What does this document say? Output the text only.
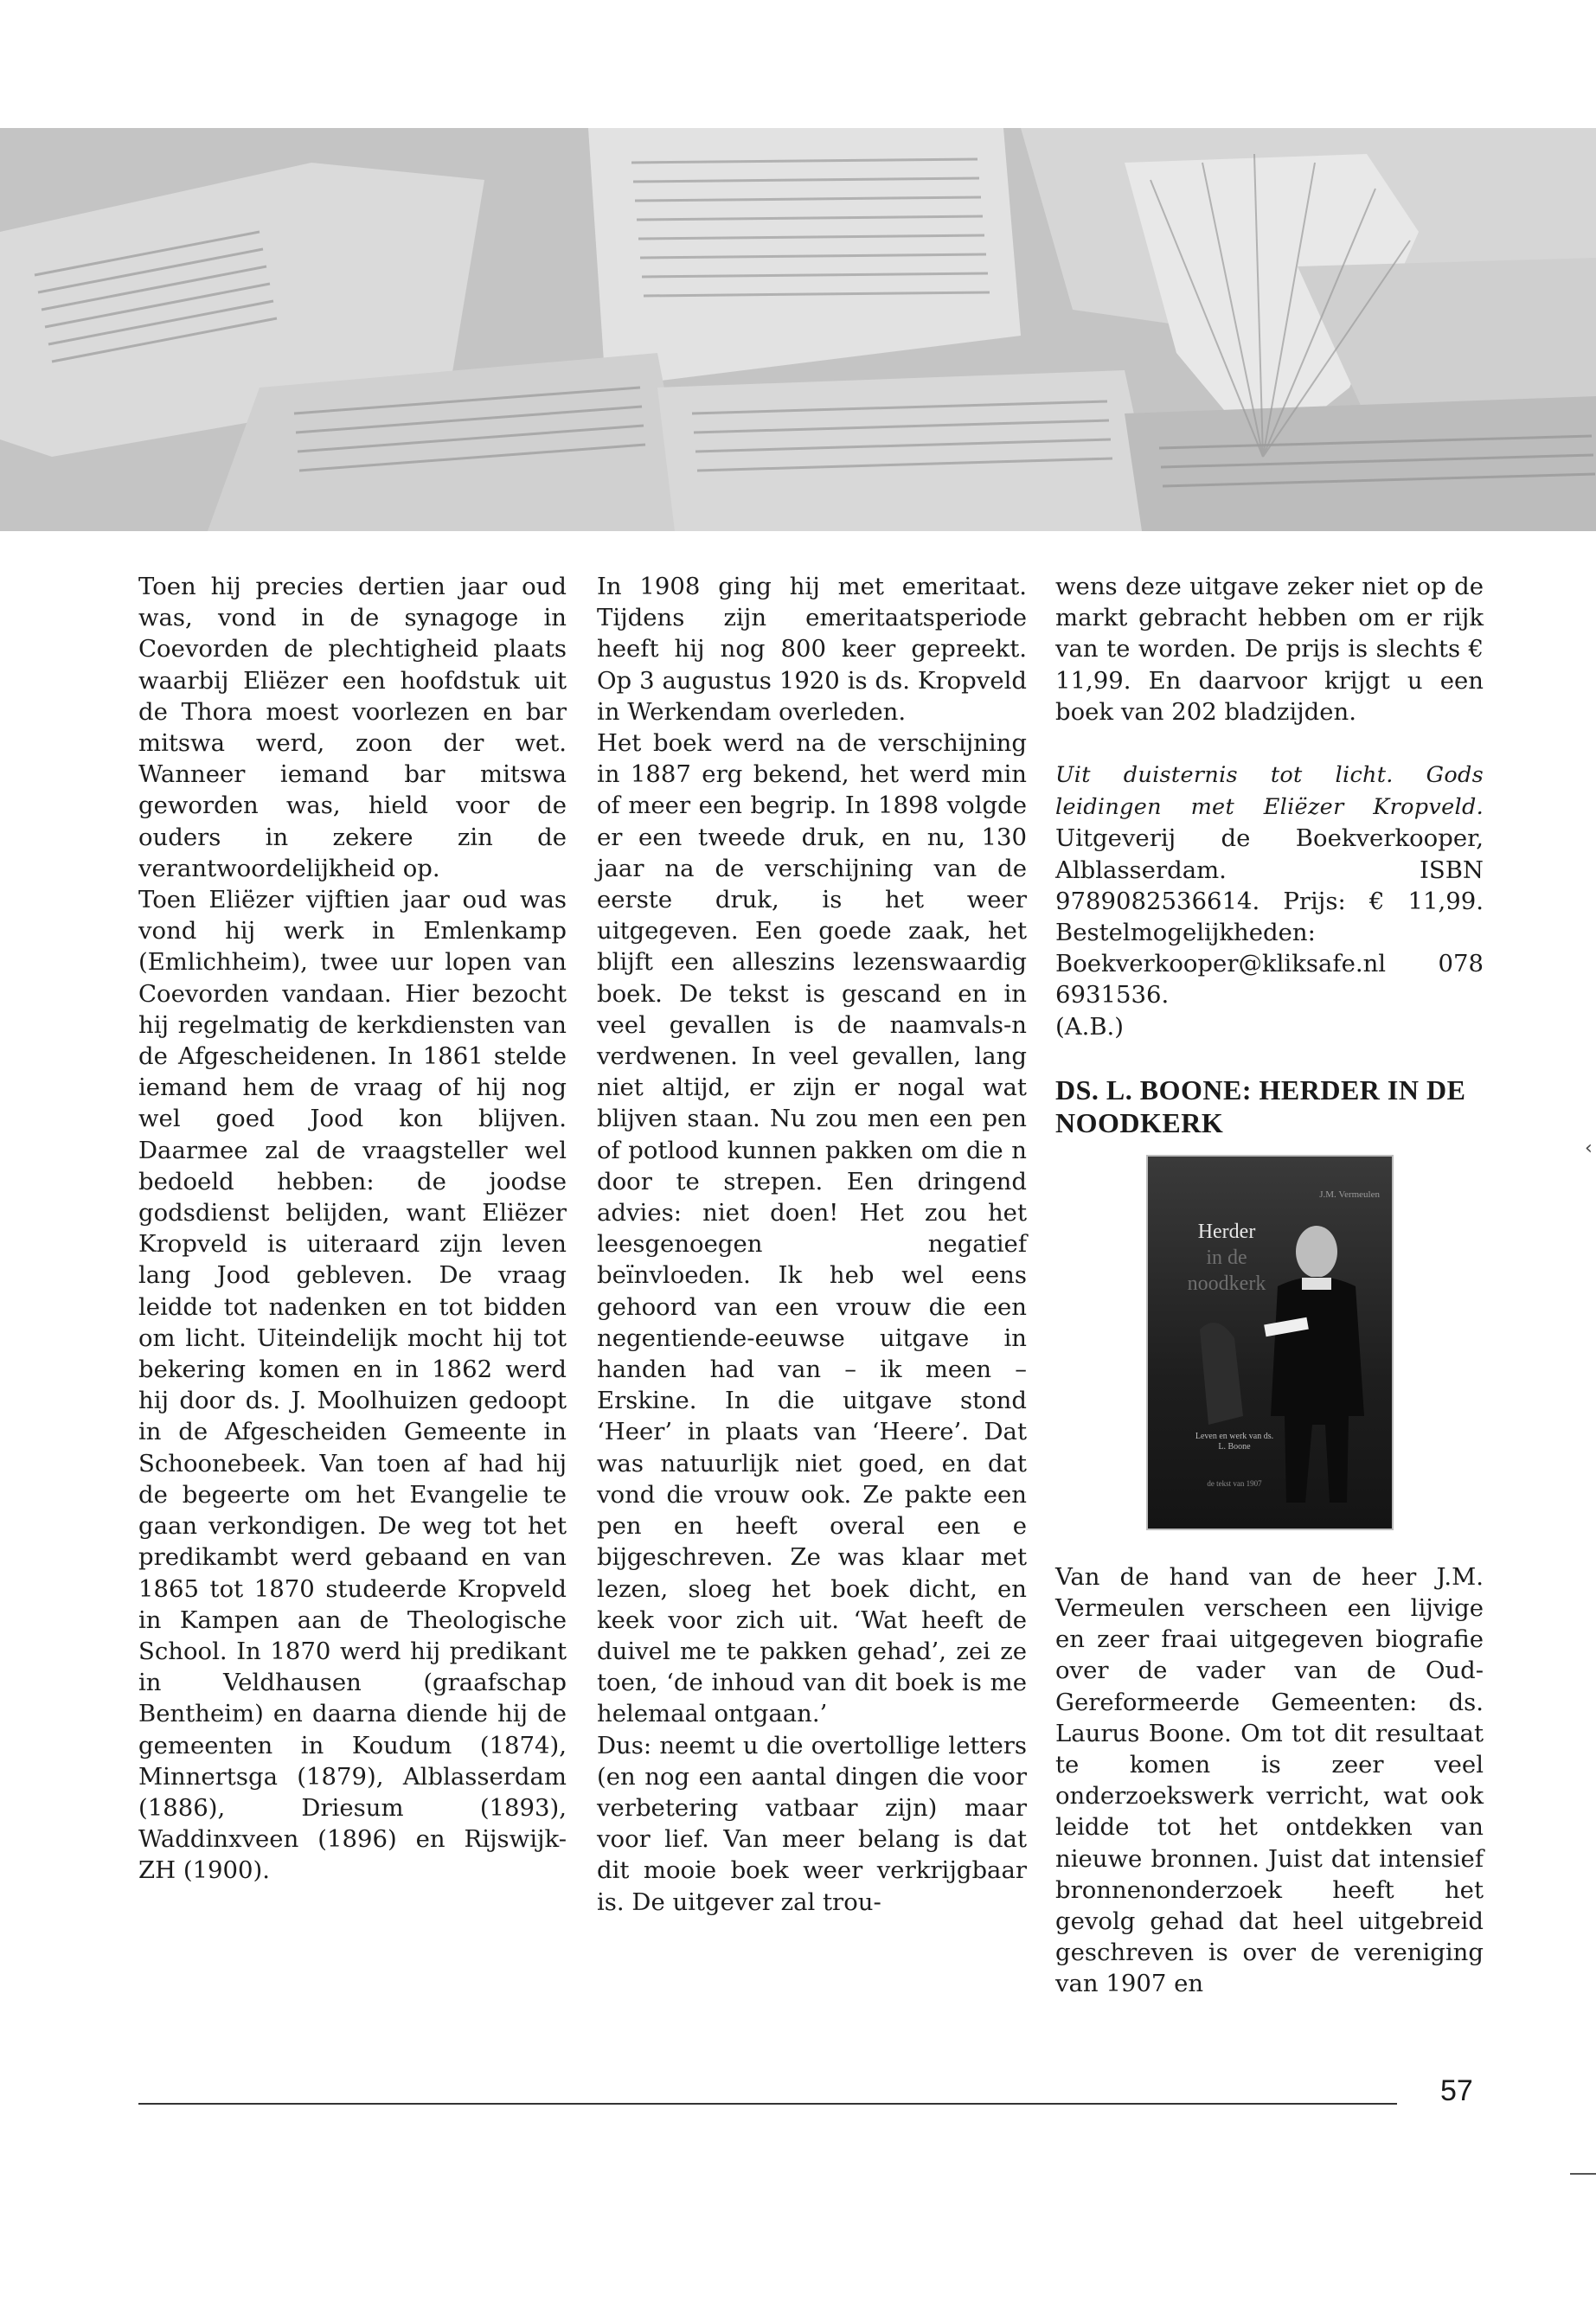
Toen hij precies dertien jaar oud was, vond in de synagoge in Coevorden de plechtigheid plaats waarbij Eliëzer een hoofdstuk uit de Thora moest voorlezen en bar mitswa werd, zoon der wet. Wanneer iemand bar mitswa geworden was, hield voor de ouders in zekere zin de verantwoordelijkheid op.

Toen Eliëzer vijftien jaar oud was vond hij werk in Emlenkamp (Emlichheim), twee uur lopen van Coevorden vandaan. Hier bezocht hij regelmatig de kerkdiensten van de Afgescheidenen. In 1861 stelde iemand hem de vraag of hij nog wel goed Jood kon blijven. Daarmee zal de vraagsteller wel bedoeld hebben: de joodse godsdienst belijden, want Eliëzer Kropveld is uiteraard zijn leven lang Jood gebleven. De vraag leidde tot nadenken en tot bidden om licht. Uiteindelijk mocht hij tot bekering komen en in 1862 werd hij door ds. J. Moolhuizen gedoopt in de Afgescheiden Gemeente in Schoonebeek. Van toen af had hij de begeerte om het Evangelie te gaan verkondigen. De weg tot het predikambt werd gebaand en van 1865 tot 1870 studeerde Kropveld in Kampen aan de Theologische School. In 1870 werd hij predikant in Veldhausen (graafschap Bentheim) en daarna diende hij de gemeenten in Koudum (1874), Minnertsga (1879), Alblasserdam (1886), Driesum (1893), Waddinxveen (1896) en Rijswijk-ZH (1900).

In 1908 ging hij met emeritaat. Tijdens zijn emeritaatsperiode heeft hij nog 800 keer gepreekt. Op 3 augustus 1920 is ds. Kropveld in Werkendam overleden.

Het boek werd na de verschijning in 1887 erg bekend, het werd min of meer een begrip. In 1898 volgde er een tweede druk, en nu, 130 jaar na de verschijning van de eerste druk, is het weer uitgegeven. Een goede zaak, het blijft een alleszins lezenswaardig boek. De tekst is gescand en in veel gevallen is de naamvals-n verdwenen. In veel gevallen, lang niet altijd, er zijn er nogal wat blijven staan. Nu zou men een pen of potlood kunnen pakken om die n door te strepen. Een dringend advies: niet doen! Het zou het leesgenoegen negatief beïnvloeden. Ik heb wel eens gehoord van een vrouw die een negentiende-eeuwse uitgave in handen had van – ik meen – Erskine. In die uitgave stond ‘Heer’ in plaats van ‘Heere’. Dat was natuurlijk niet goed, en dat vond die vrouw ook. Ze pakte een pen en heeft overal een e bijgeschreven. Ze was klaar met lezen, sloeg het boek dicht, en keek voor zich uit. ‘Wat heeft de duivel me te pakken gehad’, zei ze toen, ‘de inhoud van dit boek is me helemaal ontgaan.’

Dus: neemt u die overtollige letters (en nog een aantal dingen die voor verbetering vatbaar zijn) maar voor lief. Van meer belang is dat dit mooie boek weer verkrijgbaar is. De uitgever zal trou-

wens deze uitgave zeker niet op de markt gebracht hebben om er rijk van te worden. De prijs is slechts € 11,99. En daarvoor krijgt u een boek van 202 bladzijden.

Uit duisternis tot licht. Gods leidingen met Eliëzer Kropveld. Uitgeverij de Boekverkooper, Alblasserdam. ISBN 9789082536614. Prijs: € 11,99. Bestelmogelijkheden: Boekverkooper@kliksafe.nl 078 6931536.

(A.B.)

DS. L. BOONE: HERDER IN DE NOODKERK

J.M. Vermeulen
Herder
in de
noodkerk
Leven en werk van ds. L. Boone
de tekst van 1907

Van de hand van de heer J.M. Vermeulen verscheen een lijvige en zeer fraai uitgegeven biografie over de vader van de Oud-Gereformeerde Gemeenten: ds. Laurus Boone. Om tot dit resultaat te komen is zeer veel onderzoekswerk verricht, wat ook leidde tot het ontdekken van nieuwe bronnen. Juist dat intensief bronnenonderzoek heeft het gevolg gehad dat heel uitgebreid geschreven is over de vereniging van 1907 en

57
‹
